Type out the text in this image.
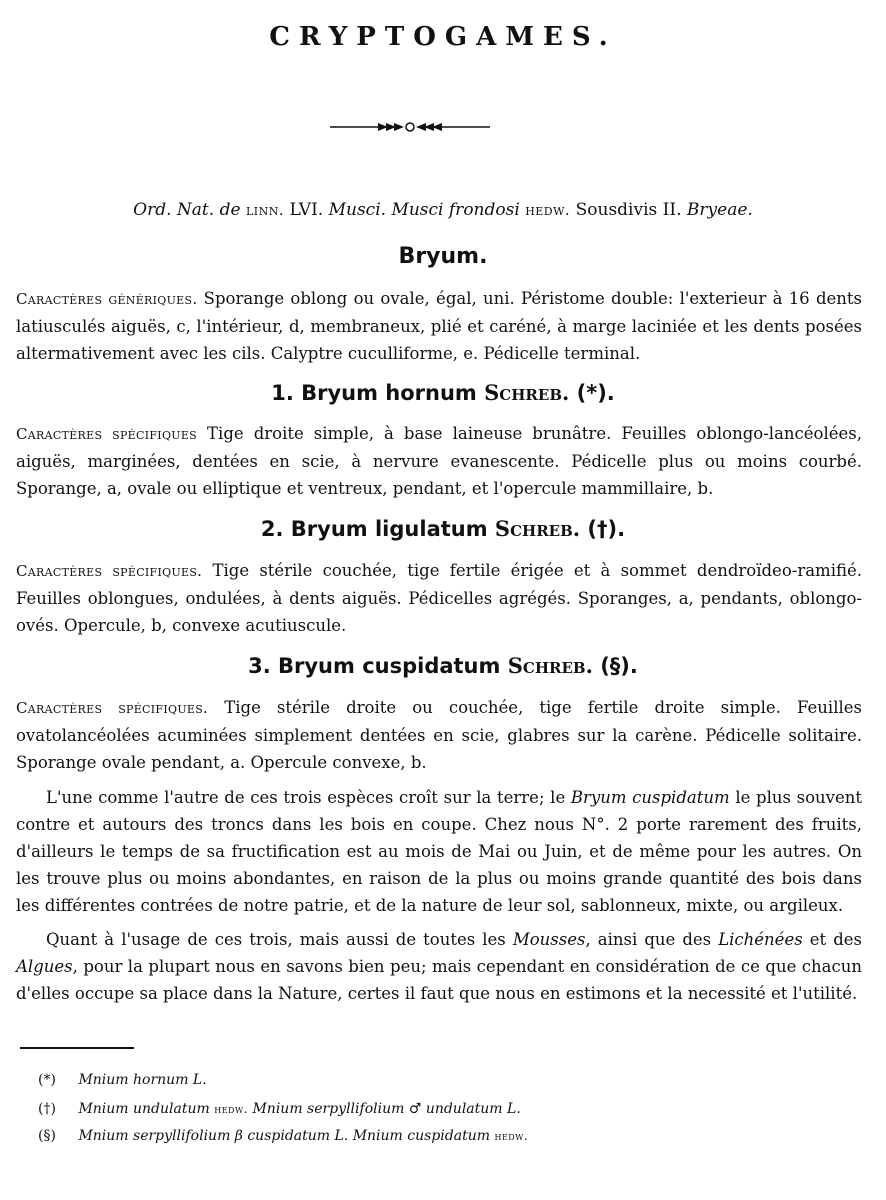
CRYPTOGAMES.
Ord. Nat. de linn. LVI. Musci. Musci frondosi hedw. Sousdivis II. Bryeae.
Bryum.
Caractères génériques. Sporange oblong ou ovale, égal, uni. Péristome double: l'exterieur à 16 dents latiusculés aiguës, c, l'intérieur, d, membraneux, plié et caréné, à marge laciniée et les dents posées altermativement avec les cils. Calyptre cuculliforme, e. Pédicelle terminal.
1. Bryum hornum Schreb. (*).
Caractères spécifiques Tige droite simple, à base laineuse brunâtre. Feuilles oblongo-lancéolées, aiguës, marginées, dentées en scie, à nervure evanescente. Pédicelle plus ou moins courbé. Sporange, a, ovale ou elliptique et ventreux, pendant, et l'opercule mammillaire, b.
2. Bryum ligulatum Schreb. (†).
Caractères spécifiques. Tige stérile couchée, tige fertile érigée et à sommet dendroïdeo-ramifié. Feuilles oblongues, ondulées, à dents aiguës. Pédicelles agrégés. Sporanges, a, pendants, oblongo-ovés. Opercule, b, convexe acutiuscule.
3. Bryum cuspidatum Schreb. (§).
Caractères spécifiques. Tige stérile droite ou couchée, tige fertile droite simple. Feuilles ovatolancéolées acuminées simplement dentées en scie, glabres sur la carène. Pédicelle solitaire. Sporange ovale pendant, a. Opercule convexe, b.
L'une comme l'autre de ces trois espèces croît sur la terre; le Bryum cuspidatum le plus souvent contre et autours des troncs dans les bois en coupe. Chez nous N°. 2 porte rarement des fruits, d'ailleurs le temps de sa fructification est au mois de Mai ou Juin, et de même pour les autres. On les trouve plus ou moins abondantes, en raison de la plus ou moins grande quantité des bois dans les différentes contrées de notre patrie, et de la nature de leur sol, sablonneux, mixte, ou argileux.
Quant à l'usage de ces trois, mais aussi de toutes les Mousses, ainsi que des Lichénées et des Algues, pour la plupart nous en savons bien peu; mais cependant en considération de ce que chacun d'elles occupe sa place dans la Nature, certes il faut que nous en estimons et la necessité et l'utilité.
(*) Mnium hornum L.
(†) Mnium undulatum hedw. Mnium serpyllifolium ♂ undulatum L.
(§) Mnium serpyllifolium β cuspidatum L. Mnium cuspidatum hedw.
